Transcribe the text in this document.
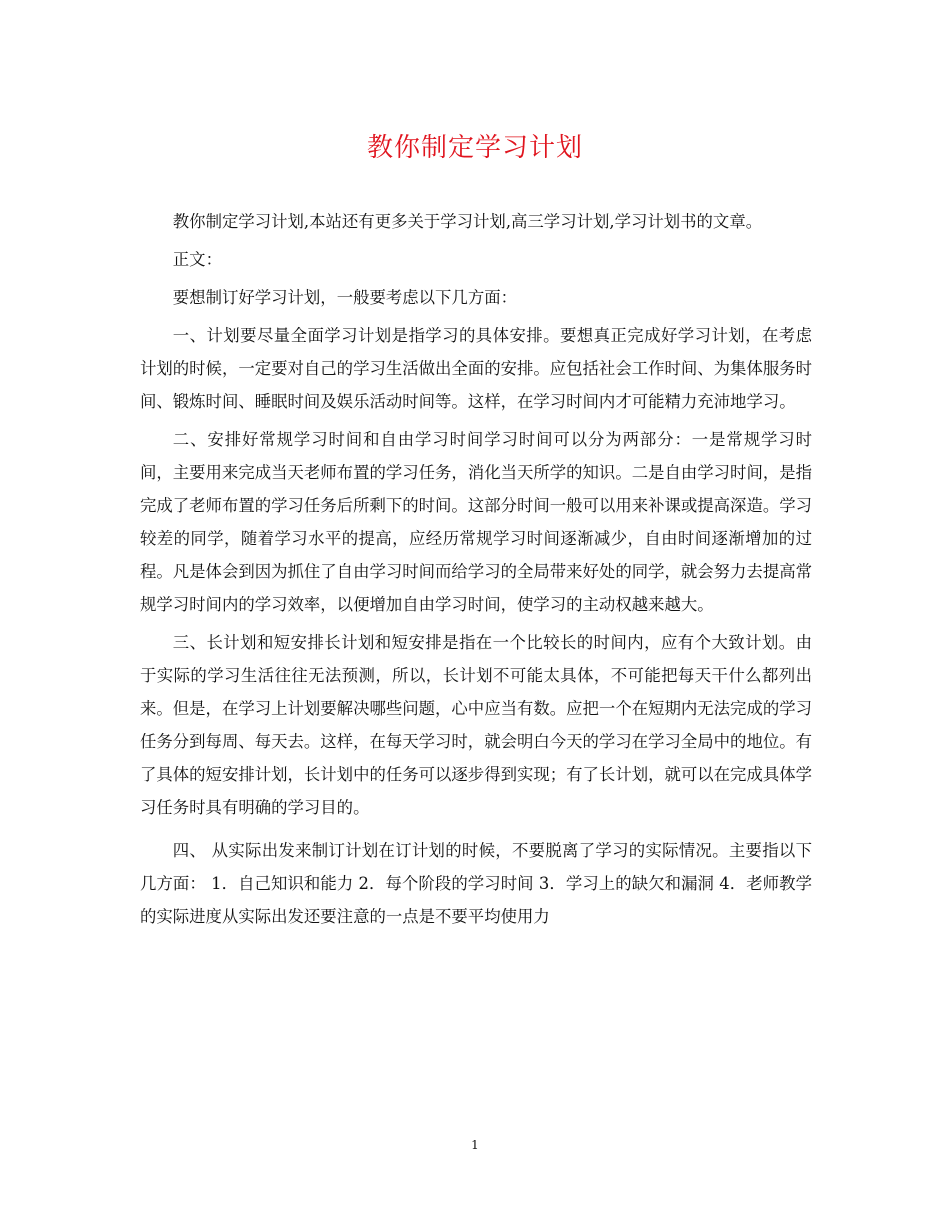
教你制定学习计划

教你制定学习计划,本站还有更多关于学习计划,高三学习计划,学习计划书的文章。

正文：

要想制订好学习计划，一般要考虑以下几方面：

一、计划要尽量全面学习计划是指学习的具体安排。要想真正完成好学习计划，在考虑计划的时候，一定要对自己的学习生活做出全面的安排。应包括社会工作时间、为集体服务时间、锻炼时间、睡眠时间及娱乐活动时间等。这样，在学习时间内才可能精力充沛地学习。

二、安排好常规学习时间和自由学习时间学习时间可以分为两部分：一是常规学习时间，主要用来完成当天老师布置的学习任务，消化当天所学的知识。二是自由学习时间，是指完成了老师布置的学习任务后所剩下的时间。这部分时间一般可以用来补课或提高深造。学习较差的同学，随着学习水平的提高，应经历常规学习时间逐渐减少，自由时间逐渐增加的过程。凡是体会到因为抓住了自由学习时间而给学习的全局带来好处的同学，就会努力去提高常规学习时间内的学习效率，以便增加自由学习时间，使学习的主动权越来越大。

三、长计划和短安排长计划和短安排是指在一个比较长的时间内，应有个大致计划。由于实际的学习生活往往无法预测，所以，长计划不可能太具体，不可能把每天干什么都列出来。但是，在学习上计划要解决哪些问题，心中应当有数。应把一个在短期内无法完成的学习任务分到每周、每天去。这样，在每天学习时，就会明白今天的学习在学习全局中的地位。有了具体的短安排计划，长计划中的任务可以逐步得到实现；有了长计划，就可以在完成具体学习任务时具有明确的学习目的。

四、 从实际出发来制订计划在订计划的时候，不要脱离了学习的实际情况。主要指以下几方面： 1．自己知识和能力 2．每个阶段的学习时间 3．学习上的缺欠和漏洞 4．老师教学的实际进度从实际出发还要注意的一点是不要平均使用力

1
